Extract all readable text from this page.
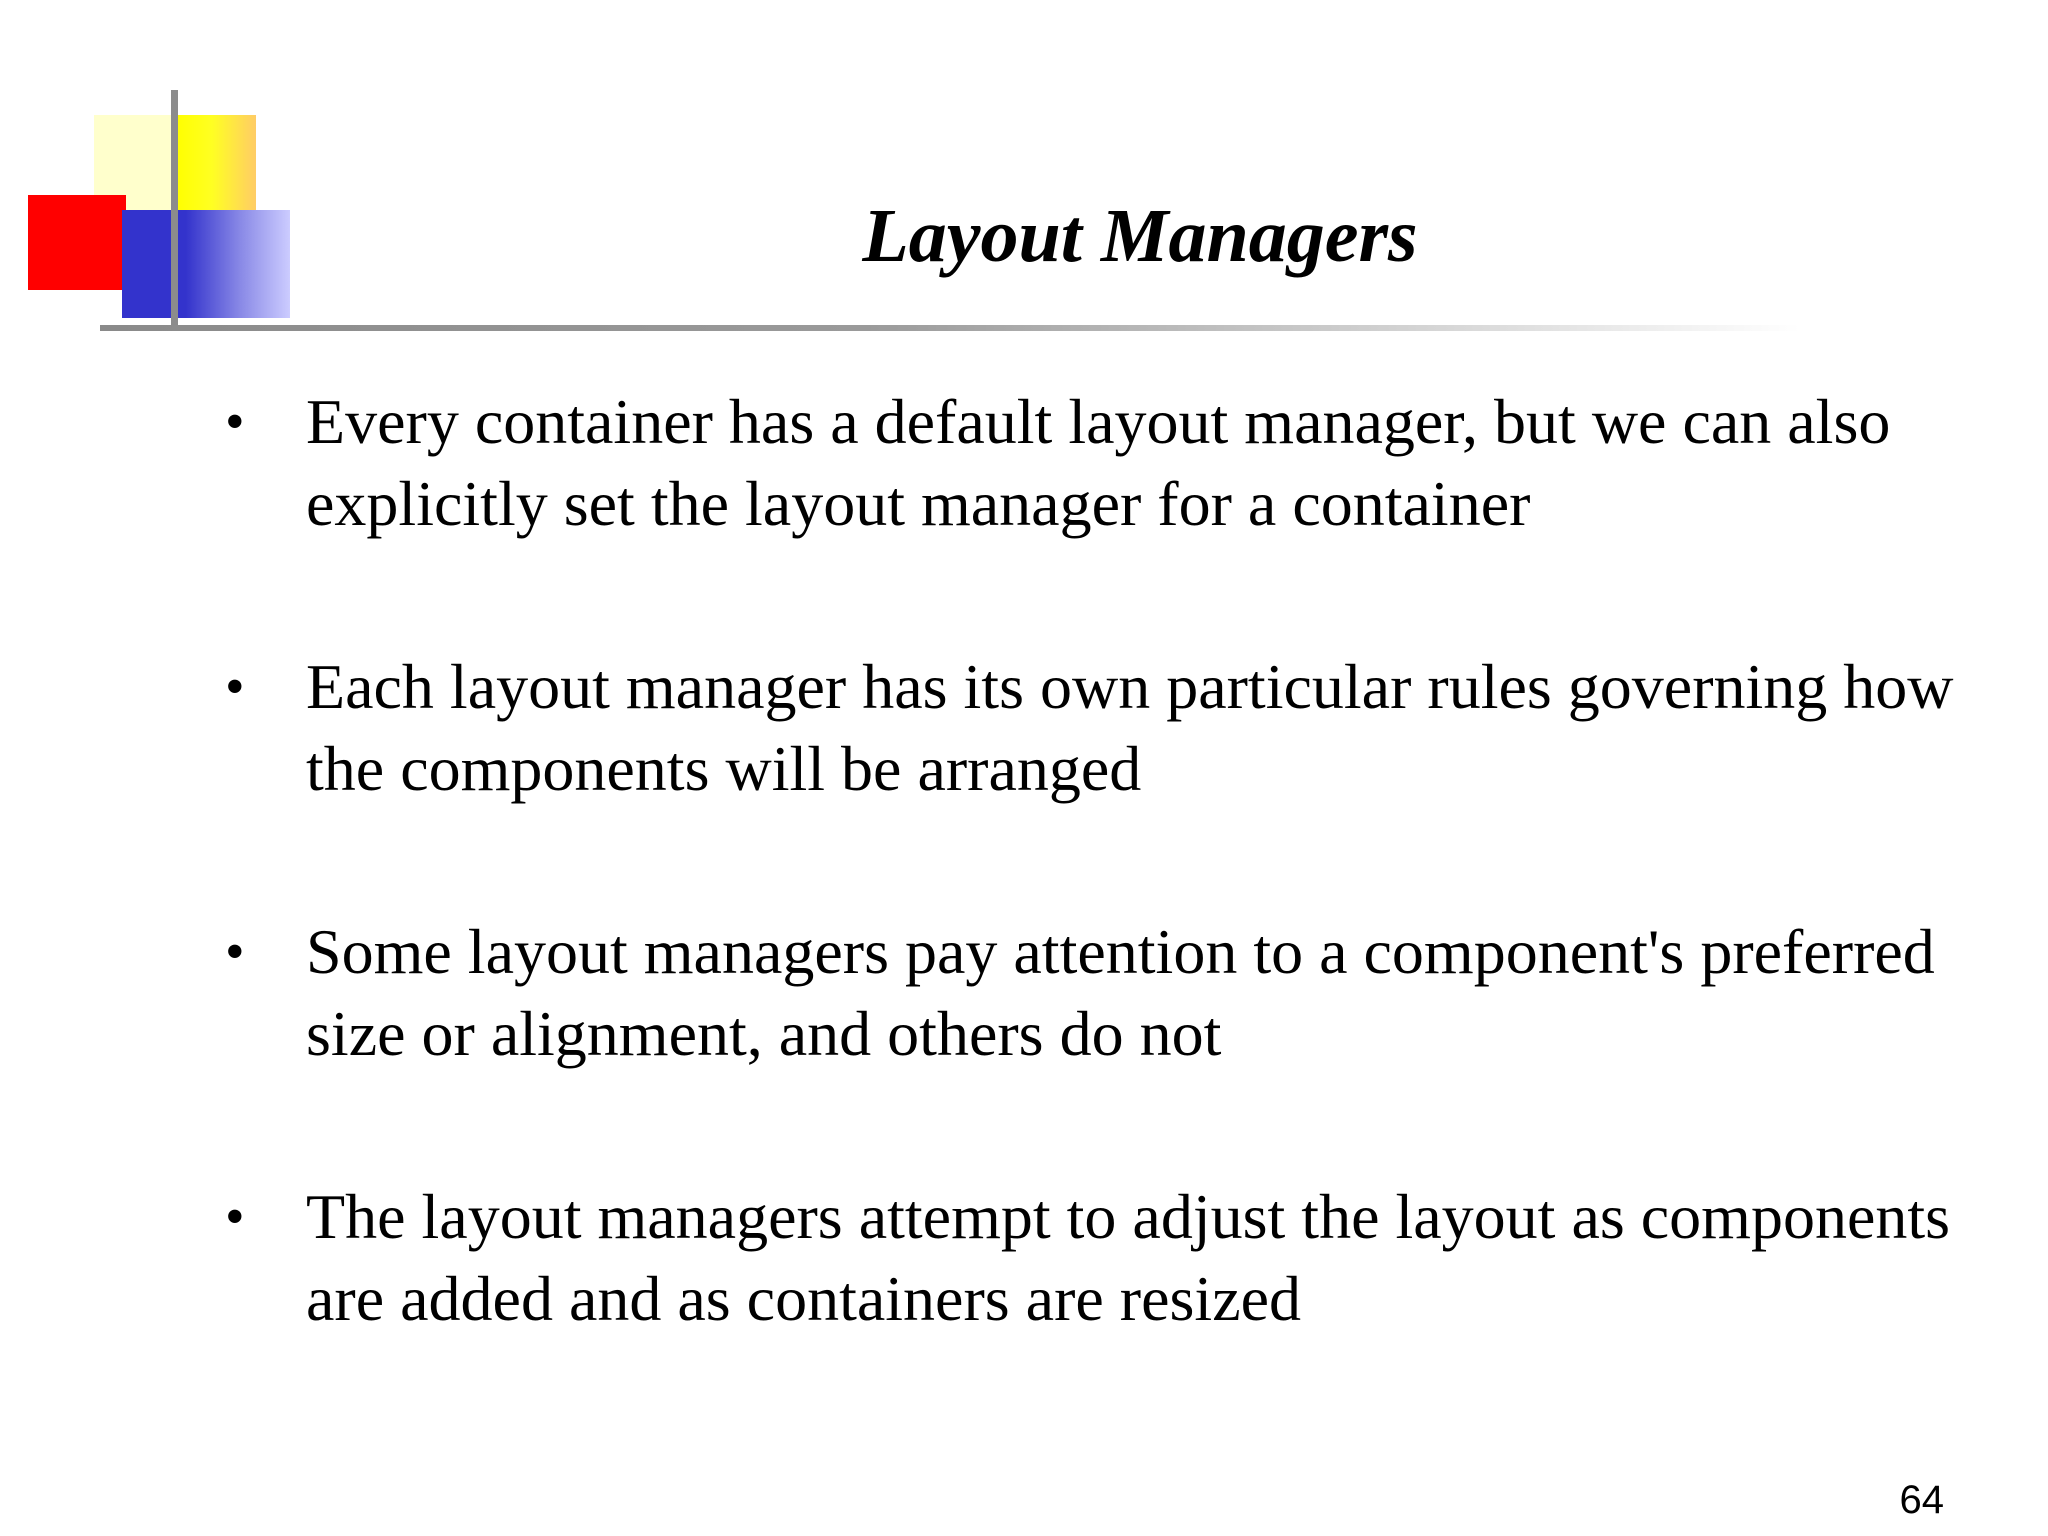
Layout Managers
• Every container has a default layout manager, but we can also explicitly set the layout manager for a container
• Each layout manager has its own particular rules governing how the components will be arranged
• Some layout managers pay attention to a component's preferred size or alignment, and others do not
• The layout managers attempt to adjust the layout as components are added and as containers are resized
64
